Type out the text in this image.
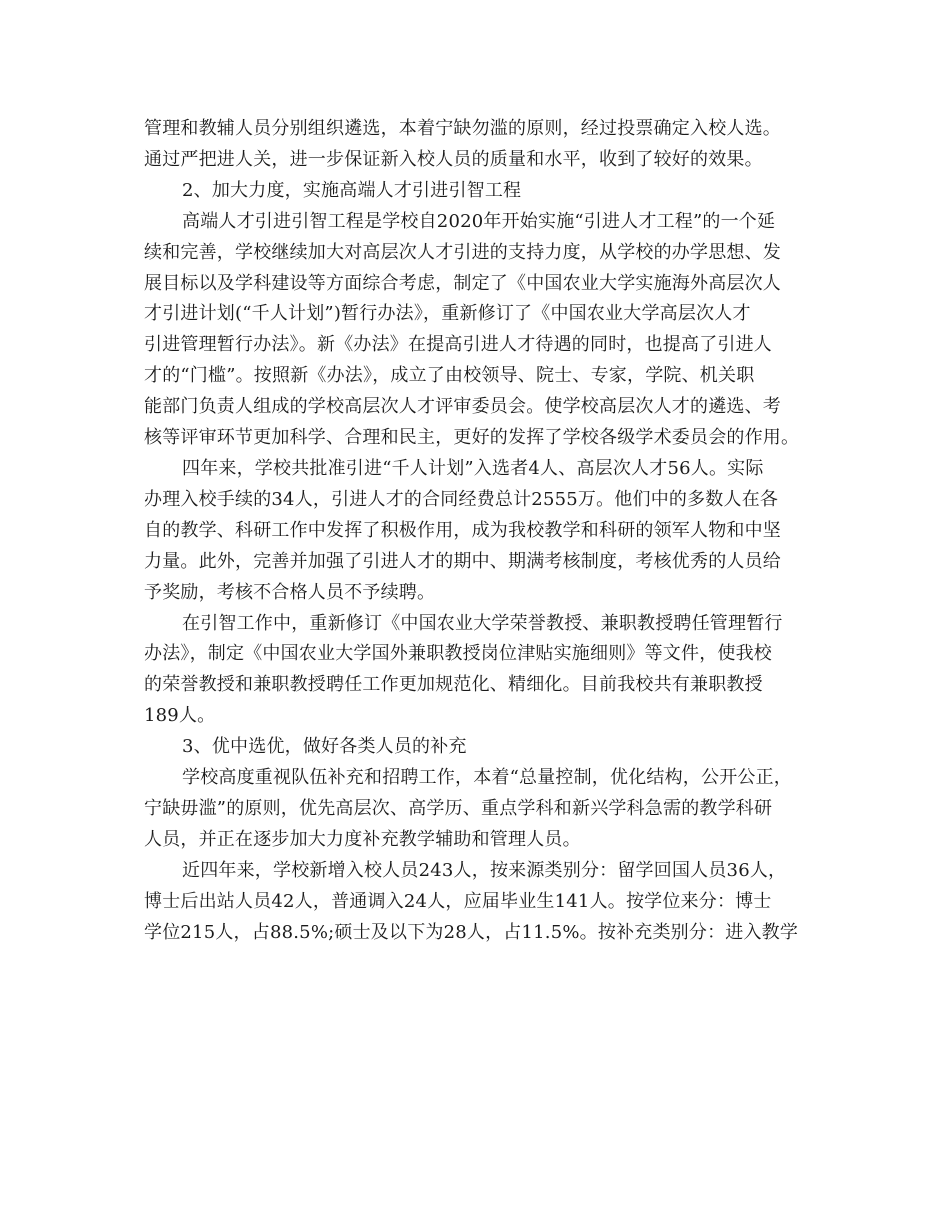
管理和教辅人员分别组织遴选，本着宁缺勿滥的原则，经过投票确定入校人选。
通过严把进人关，进一步保证新入校人员的质量和水平，收到了较好的效果。
2、加大力度，实施高端人才引进引智工程
高端人才引进引智工程是学校自2020年开始实施“引进人才工程”的一个延
续和完善，学校继续加大对高层次人才引进的支持力度，从学校的办学思想、发
展目标以及学科建设等方面综合考虑，制定了《中国农业大学实施海外高层次人
才引进计划(“千人计划”)暂行办法》，重新修订了《中国农业大学高层次人才
引进管理暂行办法》。新《办法》在提高引进人才待遇的同时，也提高了引进人
才的“门槛”。按照新《办法》，成立了由校领导、院士、专家，学院、机关职
能部门负责人组成的学校高层次人才评审委员会。使学校高层次人才的遴选、考
核等评审环节更加科学、合理和民主，更好的发挥了学校各级学术委员会的作用。
四年来，学校共批准引进“千人计划”入选者4人、高层次人才56人。实际
办理入校手续的34人，引进人才的合同经费总计2555万。他们中的多数人在各
自的教学、科研工作中发挥了积极作用，成为我校教学和科研的领军人物和中坚
力量。此外，完善并加强了引进人才的期中、期满考核制度，考核优秀的人员给
予奖励，考核不合格人员不予续聘。
在引智工作中，重新修订《中国农业大学荣誉教授、兼职教授聘任管理暂行
办法》，制定《中国农业大学国外兼职教授岗位津贴实施细则》等文件，使我校
的荣誉教授和兼职教授聘任工作更加规范化、精细化。目前我校共有兼职教授
189人。
3、优中选优，做好各类人员的补充
学校高度重视队伍补充和招聘工作，本着“总量控制，优化结构，公开公正，
宁缺毋滥”的原则，优先高层次、高学历、重点学科和新兴学科急需的教学科研
人员，并正在逐步加大力度补充教学辅助和管理人员。
近四年来，学校新增入校人员243人，按来源类别分：留学回国人员36人，
博士后出站人员42人，普通调入24人，应届毕业生141人。按学位来分：博士
学位215人，占88.5%;硕士及以下为28人，占11.5%。按补充类别分：进入教学
